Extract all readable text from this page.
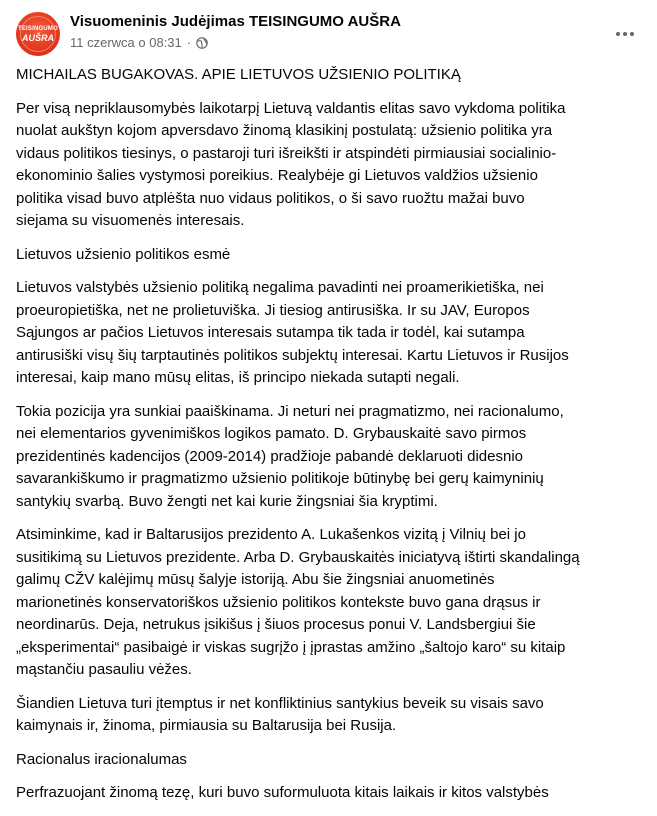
TEISINGUMO
AUŠRA
Visuomeninis Judėjimas TEISINGUMO AUŠRA
11 czerwca o 08:31 ·

MICHAILAS BUGAKOVAS. APIE LIETUVOS UŽSIENIO POLITIKĄ

Per visą nepriklausomybės laikotarpį Lietuvą valdantis elitas savo vykdoma politika
nuolat aukštyn kojom apversdavo žinomą klasikinį postulatą: užsienio politika yra
vidaus politikos tiesinys, o pastaroji turi išreikšti ir atspindėti pirmiausiai socialinio-
ekonominio šalies vystymosi poreikius. Realybėje gi Lietuvos valdžios užsienio
politika visad buvo atplėšta nuo vidaus politikos, o ši savo ruožtu mažai buvo
siejama su visuomenės interesais.

Lietuvos užsienio politikos esmė

Lietuvos valstybės užsienio politiką negalima pavadinti nei proamerikietiška, nei
proeuropietiška, net ne prolietuviška. Ji tiesiog antirusiška. Ir su JAV, Europos
Sąjungos ar pačios Lietuvos interesais sutampa tik tada ir todėl, kai sutampa
antirusiški visų šių tarptautinės politikos subjektų interesai. Kartu Lietuvos ir Rusijos
interesai, kaip mano mūsų elitas, iš principo niekada sutapti negali.

Tokia pozicija yra sunkiai paaiškinama. Ji neturi nei pragmatizmo, nei racionalumo,
nei elementarios gyvenimiškos logikos pamato. D. Grybauskaitė savo pirmos
prezidentinės kadencijos (2009-2014) pradžioje pabandė deklaruoti didesnio
savarankiškumo ir pragmatizmo užsienio politikoje būtinybę bei gerų kaimyninių
santykių svarbą. Buvo žengti net kai kurie žingsniai šia kryptimi.

Atsiminkime, kad ir Baltarusijos prezidento A. Lukašenkos vizitą į Vilnių bei jo
susitikimą su Lietuvos prezidente. Arba D. Grybauskaitės iniciatyvą ištirti skandalingą
galimų CŽV kalėjimų mūsų šalyje istoriją. Abu šie žingsniai anuometinės
marionetinės konservatoriškos užsienio politikos kontekste buvo gana drąsus ir
neordinarūs. Deja, netrukus įsikišus į šiuos procesus ponui V. Landsbergiui šie
„eksperimentai“ pasibaigė ir viskas sugrįžo į įprastas amžino „šaltojo karo“ su kitaip
mąstančiu pasauliu vėžes.

Šiandien Lietuva turi įtemptus ir net konfliktinius santykius beveik su visais savo
kaimynais ir, žinoma, pirmiausia su Baltarusija bei Rusija.

Racionalus iracionalumas

Perfrazuojant žinomą tezę, kuri buvo suformuluota kitais laikais ir kitos valstybės
